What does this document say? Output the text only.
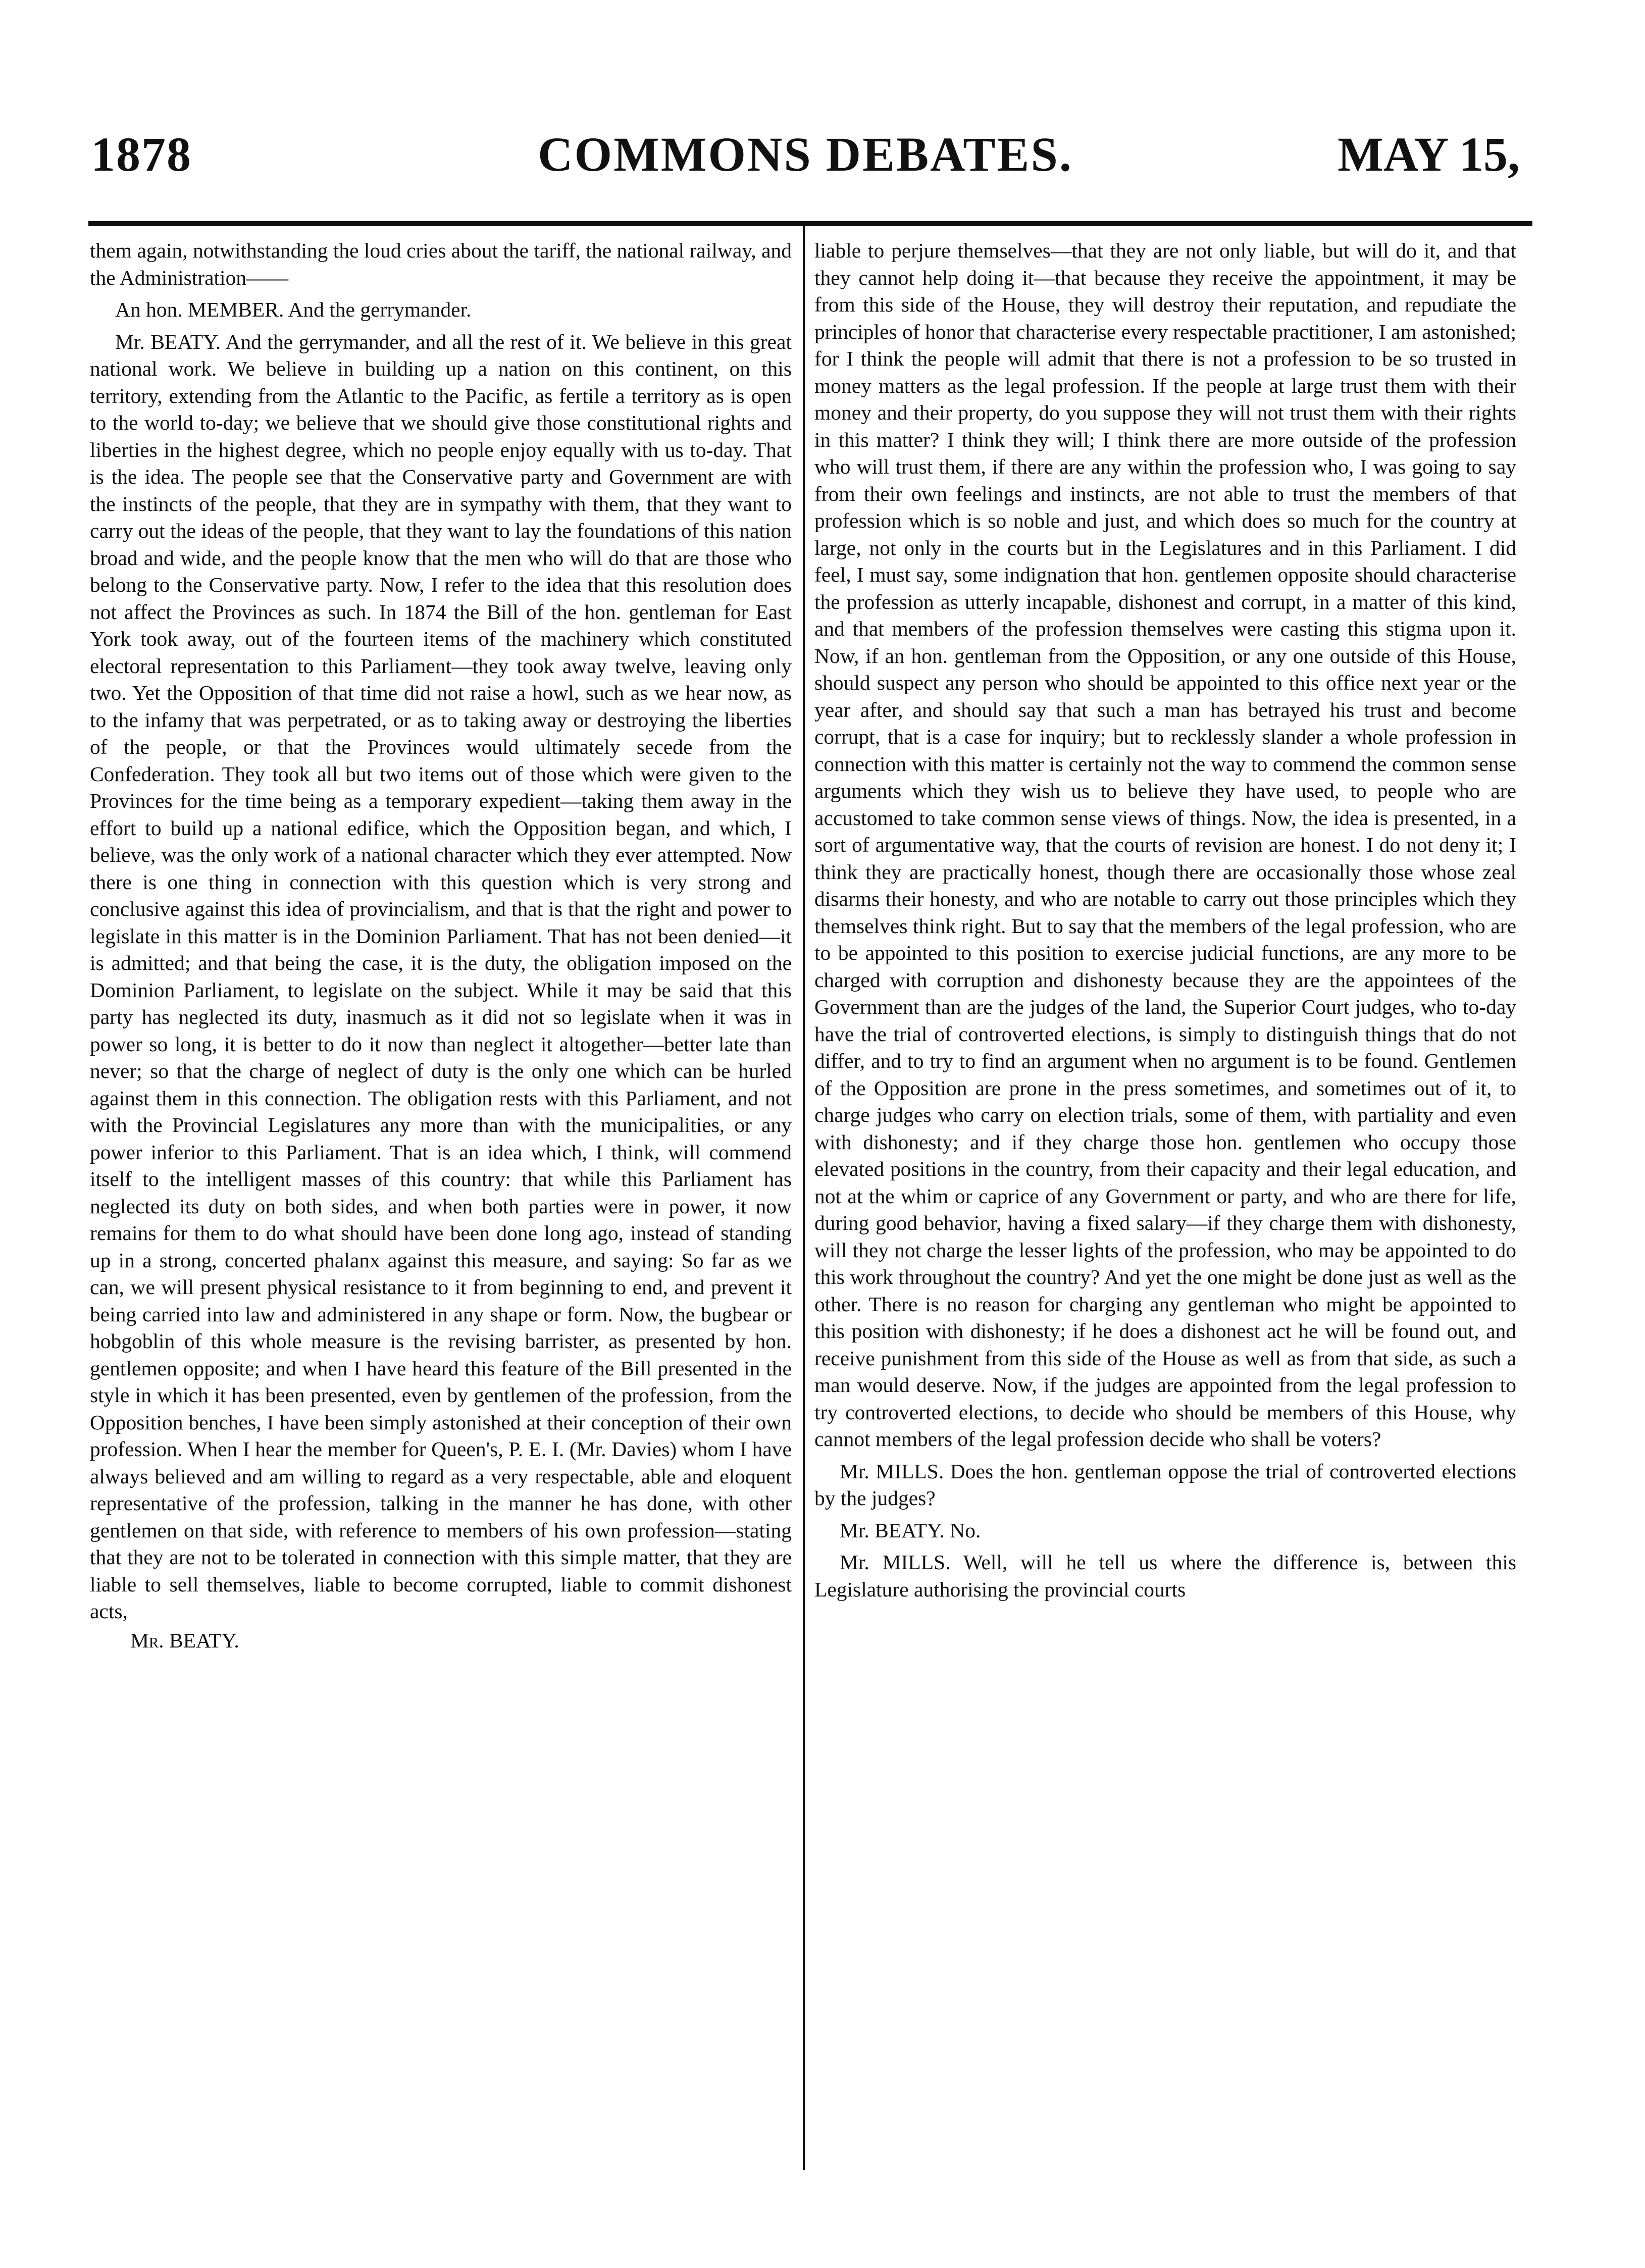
1878	COMMONS DEBATES.	MAY 15,

them again, notwithstanding the loud cries about the tariff, the national railway, and the Administration——

An hon. MEMBER. And the gerrymander.

Mr. BEATY. And the gerrymander, and all the rest of it. We believe in this great national work. We believe in building up a nation on this continent, on this territory, extending from the Atlantic to the Pacific, as fertile a territory as is open to the world to-day; we believe that we should give those constitutional rights and liberties in the highest degree, which no people enjoy equally with us to-day. That is the idea. The people see that the Conservative party and Government are with the instincts of the people, that they are in sympathy with them, that they want to carry out the ideas of the people, that they want to lay the foundations of this nation broad and wide, and the people know that the men who will do that are those who belong to the Conservative party. Now, I refer to the idea that this resolution does not affect the Provinces as such. In 1874 the Bill of the hon. gentleman for East York took away, out of the fourteen items of the machinery which constituted electoral representation to this Parliament—they took away twelve, leaving only two. Yet the Opposition of that time did not raise a howl, such as we hear now, as to the infamy that was perpetrated, or as to taking away or destroying the liberties of the people, or that the Provinces would ultimately secede from the Confederation. They took all but two items out of those which were given to the Provinces for the time being as a temporary expedient—taking them away in the effort to build up a national edifice, which the Opposition began, and which, I believe, was the only work of a national character which they ever attempted. Now there is one thing in connection with this question which is very strong and conclusive against this idea of provincialism, and that is that the right and power to legislate in this matter is in the Dominion Parliament. That has not been denied—it is admitted; and that being the case, it is the duty, the obligation imposed on the Dominion Parliament, to legislate on the subject. While it may be said that this party has neglected its duty, inasmuch as it did not so legislate when it was in power so long, it is better to do it now than neglect it altogether—better late than never; so that the charge of neglect of duty is the only one which can be hurled against them in this connection. The obligation rests with this Parliament, and not with the Provincial Legislatures any more than with the municipalities, or any power inferior to this Parliament. That is an idea which, I think, will commend itself to the intelligent masses of this country: that while this Parliament has neglected its duty on both sides, and when both parties were in power, it now remains for them to do what should have been done long ago, instead of standing up in a strong, concerted phalanx against this measure, and saying: So far as we can, we will present physical resistance to it from beginning to end, and prevent it being carried into law and administered in any shape or form. Now, the bugbear or hobgoblin of this whole measure is the revising barrister, as presented by hon. gentlemen opposite; and when I have heard this feature of the Bill presented in the style in which it has been presented, even by gentlemen of the profession, from the Opposition benches, I have been simply astonished at their conception of their own profession. When I hear the member for Queen's, P. E. I. (Mr. Davies) whom I have always believed and am willing to regard as a very respectable, able and eloquent representative of the profession, talking in the manner he has done, with other gentlemen on that side, with reference to members of his own profession—stating that they are not to be tolerated in connection with this simple matter, that they are liable to sell themselves, liable to become corrupted, liable to commit dishonest acts,

Mr. BEATY.

liable to perjure themselves—that they are not only liable, but will do it, and that they cannot help doing it—that because they receive the appointment, it may be from this side of the House, they will destroy their reputation, and repudiate the principles of honor that characterise every respectable practitioner, I am astonished; for I think the people will admit that there is not a profession to be so trusted in money matters as the legal profession. If the people at large trust them with their money and their property, do you suppose they will not trust them with their rights in this matter? I think they will; I think there are more outside of the profession who will trust them, if there are any within the profession who, I was going to say from their own feelings and instincts, are not able to trust the members of that profession which is so noble and just, and which does so much for the country at large, not only in the courts but in the Legislatures and in this Parliament. I did feel, I must say, some indignation that hon. gentlemen opposite should characterise the profession as utterly incapable, dishonest and corrupt, in a matter of this kind, and that members of the profession themselves were casting this stigma upon it. Now, if an hon. gentleman from the Opposition, or any one outside of this House, should suspect any person who should be appointed to this office next year or the year after, and should say that such a man has betrayed his trust and become corrupt, that is a case for inquiry; but to recklessly slander a whole profession in connection with this matter is certainly not the way to commend the common sense arguments which they wish us to believe they have used, to people who are accustomed to take common sense views of things. Now, the idea is presented, in a sort of argumentative way, that the courts of revision are honest. I do not deny it; I think they are practically honest, though there are occasionally those whose zeal disarms their honesty, and who are notable to carry out those principles which they themselves think right. But to say that the members of the legal profession, who are to be appointed to this position to exercise judicial functions, are any more to be charged with corruption and dishonesty because they are the appointees of the Government than are the judges of the land, the Superior Court judges, who to-day have the trial of controverted elections, is simply to distinguish things that do not differ, and to try to find an argument when no argument is to be found. Gentlemen of the Opposition are prone in the press sometimes, and sometimes out of it, to charge judges who carry on election trials, some of them, with partiality and even with dishonesty; and if they charge those hon. gentlemen who occupy those elevated positions in the country, from their capacity and their legal education, and not at the whim or caprice of any Government or party, and who are there for life, during good behavior, having a fixed salary—if they charge them with dishonesty, will they not charge the lesser lights of the profession, who may be appointed to do this work throughout the country? And yet the one might be done just as well as the other. There is no reason for charging any gentleman who might be appointed to this position with dishonesty; if he does a dishonest act he will be found out, and receive punishment from this side of the House as well as from that side, as such a man would deserve. Now, if the judges are appointed from the legal profession to try controverted elections, to decide who should be members of this House, why cannot members of the legal profession decide who shall be voters?

Mr. MILLS. Does the hon. gentleman oppose the trial of controverted elections by the judges?

Mr. BEATY. No.

Mr. MILLS. Well, will he tell us where the difference is, between this Legislature authorising the provincial courts
